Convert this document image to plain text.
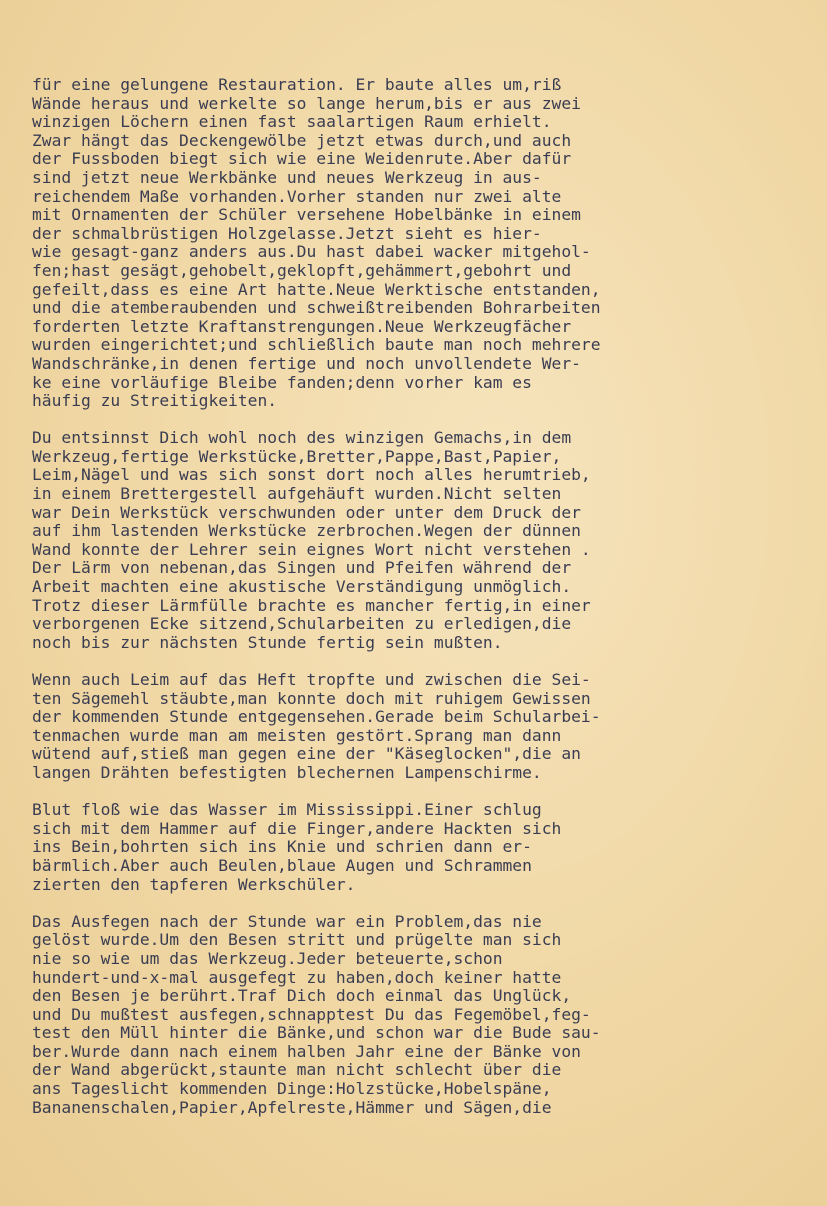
für eine gelungene Restauration. Er baute alles um,riß
Wände heraus und werkelte so lange herum,bis er aus zwei
winzigen Löchern einen fast saalartigen Raum erhielt.
Zwar hängt das Deckengewölbe jetzt etwas durch,und auch
der Fussboden biegt sich wie eine Weidenrute.Aber dafür
sind jetzt neue Werkbänke und neues Werkzeug in aus-
reichendem Maße vorhanden.Vorher standen nur zwei alte
mit Ornamenten der Schüler versehene Hobelbänke in einem
der schmalbrüstigen Holzgelasse.Jetzt sieht es hier-
wie gesagt-ganz anders aus.Du hast dabei wacker mitgehol-
fen;hast gesägt,gehobelt,geklopft,gehämmert,gebohrt und
gefeilt,dass es eine Art hatte.Neue Werktische entstanden,
und die atemberaubenden und schweißtreibenden Bohrarbeiten
forderten letzte Kraftanstrengungen.Neue Werkzeugfächer
wurden eingerichtet;und schließlich baute man noch mehrere
Wandschränke,in denen fertige und noch unvollendete Wer-
ke eine vorläufige Bleibe fanden;denn vorher kam es
häufig zu Streitigkeiten.
Du entsinnst Dich wohl noch des winzigen Gemachs,in dem
Werkzeug,fertige Werkstücke,Bretter,Pappe,Bast,Papier,
Leim,Nägel und was sich sonst dort noch alles herumtrieb,
in einem Brettergestell aufgehäuft wurden.Nicht selten
war Dein Werkstück verschwunden oder unter dem Druck der
auf ihm lastenden Werkstücke zerbrochen.Wegen der dünnen
Wand konnte der Lehrer sein eignes Wort nicht verstehen .
Der Lärm von nebenan,das Singen und Pfeifen während der
Arbeit machten eine akustische Verständigung unmöglich.
Trotz dieser Lärmfülle brachte es mancher fertig,in einer
verborgenen Ecke sitzend,Schularbeiten zu erledigen,die
noch bis zur nächsten Stunde fertig sein mußten.
Wenn auch Leim auf das Heft tropfte und zwischen die Sei-
ten Sägemehl stäubte,man konnte doch mit ruhigem Gewissen
der kommenden Stunde entgegensehen.Gerade beim Schularbei-
tenmachen wurde man am meisten gestört.Sprang man dann
wütend auf,stieß man gegen eine der "Käseglocken",die an
langen Drähten befestigten blechernen Lampenschirme.
Blut floß wie das Wasser im Mississippi.Einer schlug
sich mit dem Hammer auf die Finger,andere Hackten sich
ins Bein,bohrten sich ins Knie und schrien dann er-
bärmlich.Aber auch Beulen,blaue Augen und Schrammen
zierten den tapferen Werkschüler.
Das Ausfegen nach der Stunde war ein Problem,das nie
gelöst wurde.Um den Besen stritt und prügelte man sich
nie so wie um das Werkzeug.Jeder beteuerte,schon
hundert-und-x-mal ausgefegt zu haben,doch keiner hatte
den Besen je berührt.Traf Dich doch einmal das Unglück,
und Du mußtest ausfegen,schnapptest Du das Fegemöbel,feg-
test den Müll hinter die Bänke,und schon war die Bude sau-
ber.Wurde dann nach einem halben Jahr eine der Bänke von
der Wand abgerückt,staunte man nicht schlecht über die
ans Tageslicht kommenden Dinge:Holzstücke,Hobelspäne,
Bananenschalen,Papier,Apfelreste,Hämmer und Sägen,die
